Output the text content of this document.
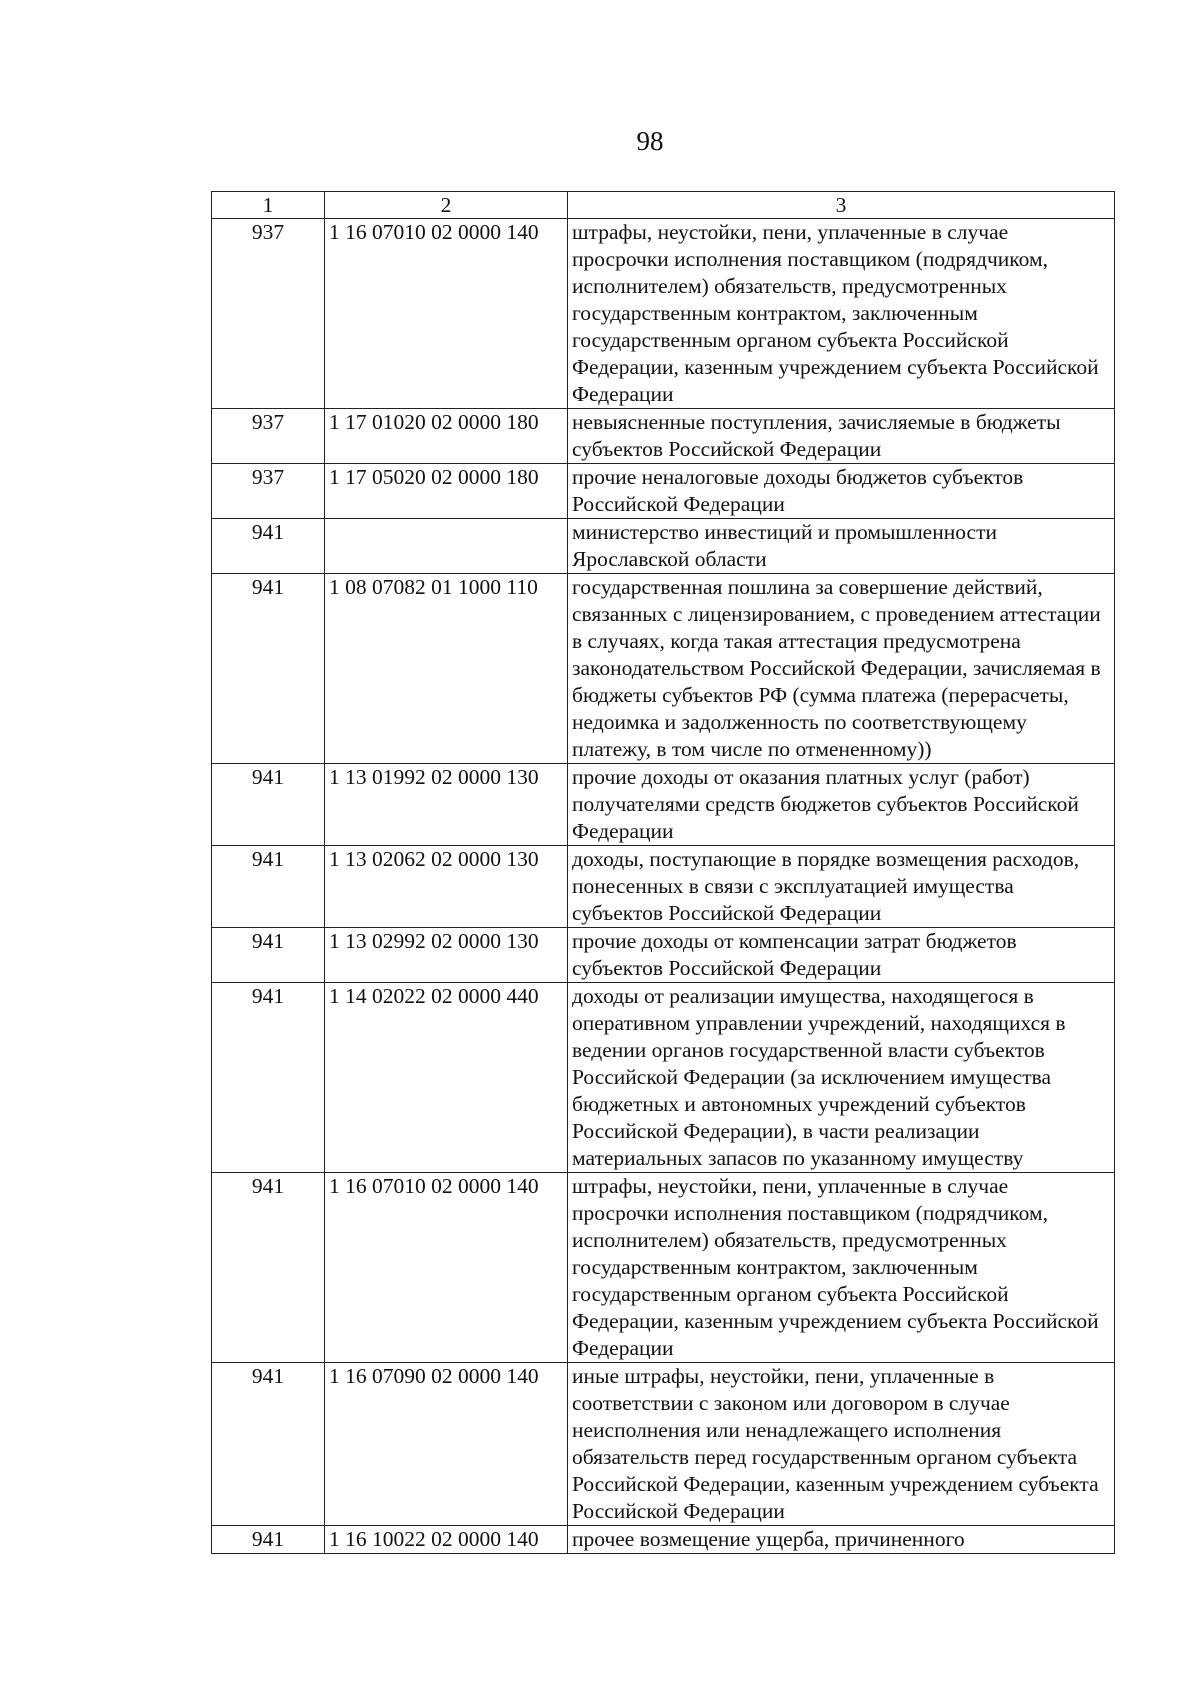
98
1	2	3
937	1 16 07010 02 0000 140	штрафы, неустойки, пени, уплаченные в случае просрочки исполнения поставщиком (подрядчиком, исполнителем) обязательств, предусмотренных государственным контрактом, заключенным государственным органом субъекта Российской Федерации, казенным учреждением субъекта Российской Федерации
937	1 17 01020 02 0000 180	невыясненные поступления, зачисляемые в бюджеты субъектов Российской Федерации
937	1 17 05020 02 0000 180	прочие неналоговые доходы бюджетов субъектов Российской Федерации
941		министерство инвестиций и промышленности Ярославской области
941	1 08 07082 01 1000 110	государственная пошлина за совершение действий, связанных с лицензированием, с проведением аттестации в случаях, когда такая аттестация предусмотрена законодательством Российской Федерации, зачисляемая в бюджеты субъектов РФ (сумма платежа (перерасчеты, недоимка и задолженность по соответствующему платежу, в том числе по отмененному))
941	1 13 01992 02 0000 130	прочие доходы от оказания платных услуг (работ) получателями средств бюджетов субъектов Российской Федерации
941	1 13 02062 02 0000 130	доходы, поступающие в порядке возмещения расходов, понесенных в связи с эксплуатацией имущества субъектов Российской Федерации
941	1 13 02992 02 0000 130	прочие доходы от компенсации затрат бюджетов субъектов Российской Федерации
941	1 14 02022 02 0000 440	доходы от реализации имущества, находящегося в оперативном управлении учреждений, находящихся в ведении органов государственной власти субъектов Российской Федерации (за исключением имущества бюджетных и автономных учреждений субъектов Российской Федерации), в части реализации материальных запасов по указанному имуществу
941	1 16 07010 02 0000 140	штрафы, неустойки, пени, уплаченные в случае просрочки исполнения поставщиком (подрядчиком, исполнителем) обязательств, предусмотренных государственным контрактом, заключенным государственным органом субъекта Российской Федерации, казенным учреждением субъекта Российской Федерации
941	1 16 07090 02 0000 140	иные штрафы, неустойки, пени, уплаченные в соответствии с законом или договором в случае неисполнения или ненадлежащего исполнения обязательств перед государственным органом субъекта Российской Федерации, казенным учреждением субъекта Российской Федерации
941	1 16 10022 02 0000 140	прочее возмещение ущерба, причиненного
